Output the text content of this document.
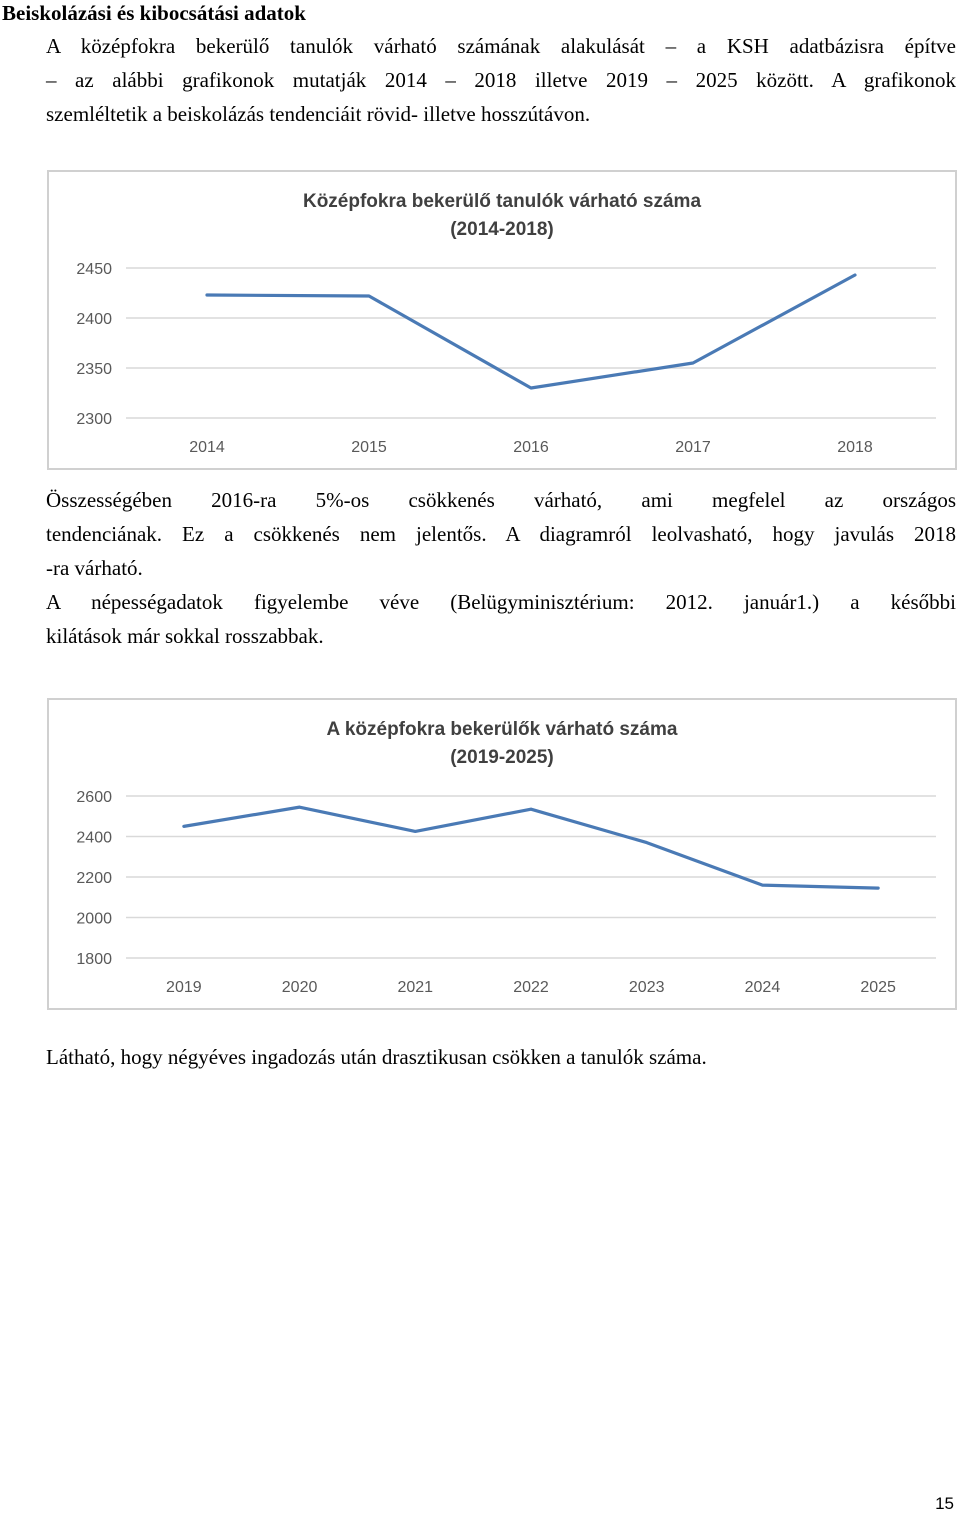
Beiskolázási és kibocsátási adatok
A középfokra bekerülő tanulók várható számának alakulását – a KSH adatbázisra építve
– az alábbi grafikonok mutatják 2014 – 2018 illetve 2019 – 2025 között. A grafikonok
szemléltetik a beiskolázás tendenciáit rövid- illetve hosszútávon.
Középfokra bekerülő tanulók várható száma
(2014-2018)
2300
2350
2400
2450
2014	2015	2016	2017	2018
Összességében 2016-ra 5%-os csökkenés várható, ami megfelel az országos
tendenciának. Ez a csökkenés nem jelentős. A diagramról leolvasható, hogy javulás 2018
-ra várható.
A népességadatok figyelembe véve (Belügyminisztérium: 2012. január1.) a későbbi
kilátások már sokkal rosszabbak.
A középfokra bekerülők várható száma
(2019-2025)
1800
2000
2200
2400
2600
2019	2020	2021	2022	2023	2024	2025
Látható, hogy négyéves ingadozás után drasztikusan csökken a tanulók száma.
15
